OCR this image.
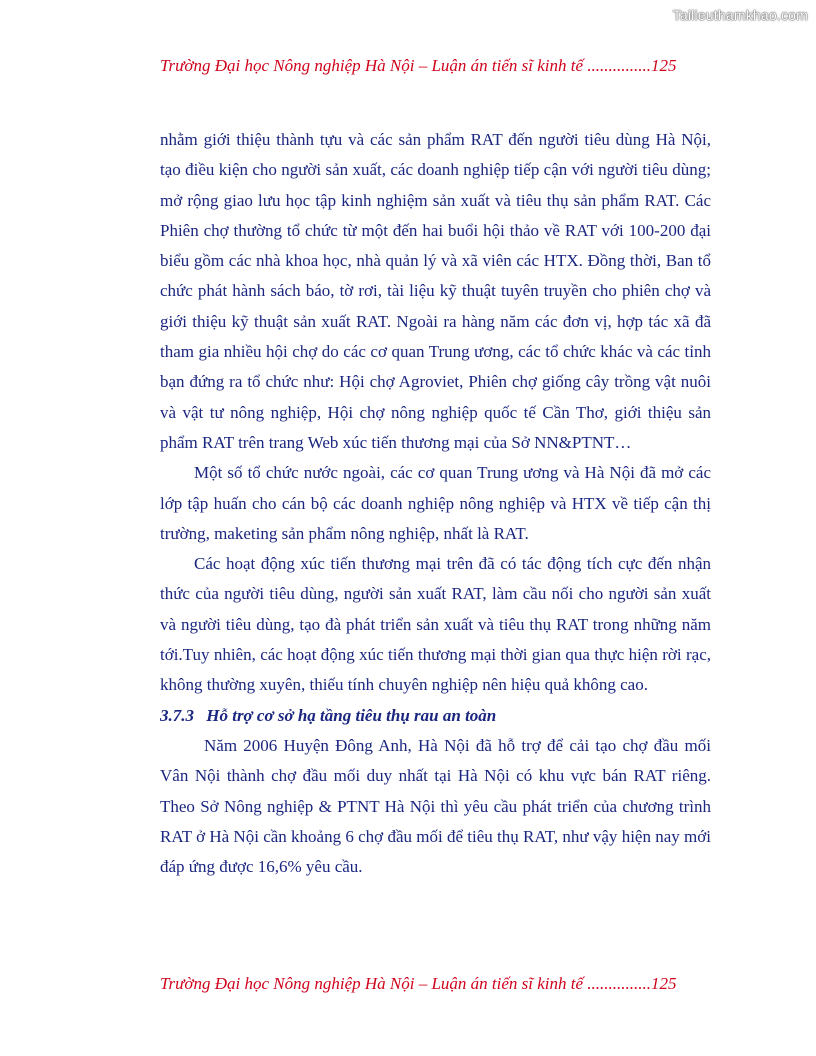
Tailieuthamkhao.com
Trường Đại học Nông nghiệp Hà Nội – Luận án tiến sĩ kinh tế ...............125

nhằm giới thiệu thành tựu và các sản phẩm RAT đến người tiêu dùng Hà Nội, tạo điều kiện cho người sản xuất, các doanh nghiệp tiếp cận với người tiêu dùng; mở rộng giao lưu học tập kinh nghiệm sản xuất và tiêu thụ sản phẩm RAT. Các Phiên chợ thường tổ chức từ một đến hai buổi hội thảo về RAT với 100-200 đại biểu gồm các nhà khoa học, nhà quản lý và xã viên các HTX. Đồng thời, Ban tổ chức phát hành sách báo, tờ rơi, tài liệu kỹ thuật tuyên truyền cho phiên chợ và giới thiệu kỹ thuật sản xuất RAT. Ngoài ra hàng năm các đơn vị, hợp tác xã đã tham gia nhiều hội chợ do các cơ quan Trung ương, các tổ chức khác và các tỉnh bạn đứng ra tổ chức như: Hội chợ Agroviet, Phiên chợ giống cây trồng vật nuôi và vật tư nông nghiệp, Hội chợ nông nghiệp quốc tế Cần Thơ, giới thiệu sản phẩm RAT trên trang Web xúc tiến thương mại của Sở NN&PTNT…

Một số tổ chức nước ngoài, các cơ quan Trung ương và Hà Nội đã mở các lớp tập huấn cho cán bộ các doanh nghiệp nông nghiệp và HTX về tiếp cận thị trường, maketing sản phẩm nông nghiệp, nhất là RAT.

Các hoạt động xúc tiến thương mại trên đã có tác động tích cực đến nhận thức của người tiêu dùng, người sản xuất RAT, làm cầu nối cho người sản xuất và người tiêu dùng, tạo đà phát triển sản xuất và tiêu thụ RAT trong những năm tới.Tuy nhiên, các hoạt động xúc tiến thương mại thời gian qua thực hiện rời rạc, không thường xuyên, thiếu tính chuyên nghiệp nên hiệu quả không cao.

3.7.3 Hỗ trợ cơ sở hạ tầng tiêu thụ rau an toàn

Năm 2006 Huyện Đông Anh, Hà Nội đã hỗ trợ để cải tạo chợ đầu mối Vân Nội thành chợ đầu mối duy nhất tại Hà Nội có khu vực bán RAT riêng. Theo Sở Nông nghiệp & PTNT Hà Nội thì yêu cầu phát triển của chương trình RAT ở Hà Nội cần khoảng 6 chợ đầu mối để tiêu thụ RAT, như vậy hiện nay mới đáp ứng được 16,6% yêu cầu.

Trường Đại học Nông nghiệp Hà Nội – Luận án tiến sĩ kinh tế ...............125
